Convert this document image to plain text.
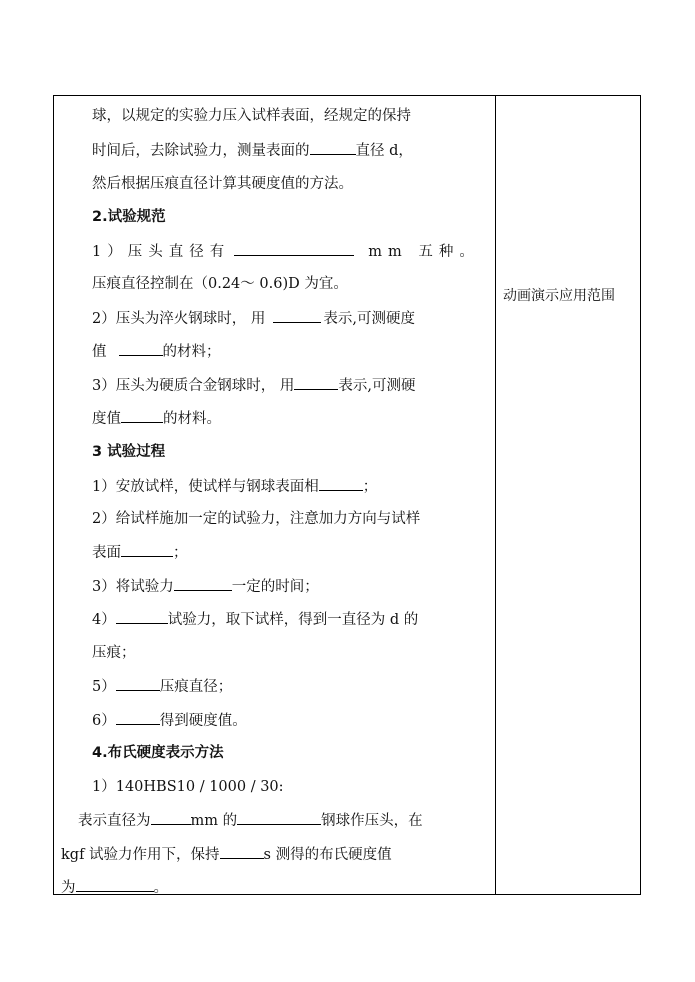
动画演示应用范围
球，以规定的实验力压入试样表面，经规定的保持
时间后，去除试验力，测量表面的	直径 d，
然后根据压痕直径计算其硬度值的方法。
2.试验规范
1）压头直径有	mm 五种。
压痕直径控制在（0.24～ 0.6)D 为宜。
2）压头为淬火钢球时， 用	表示,可测硬度
值	的材料；
3）压头为硬质合金钢球时， 用	表示,可测硬
度值	的材料。
3 试验过程
1）安放试样，使试样与钢球表面相	；
2）给试样施加一定的试验力，注意加力方向与试样
表面	；
3）将试验力	一定的时间；
4）	试验力，取下试样，得到一直径为 d 的
压痕；
5）	压痕直径；
6）	得到硬度值。
4.布氏硬度表示方法
1）140HBS10 / 1000 / 30:
表示直径为	mm 的	钢球作压头，在
kgf 试验力作用下，保持	s 测得的布氏硬度值
为	。
